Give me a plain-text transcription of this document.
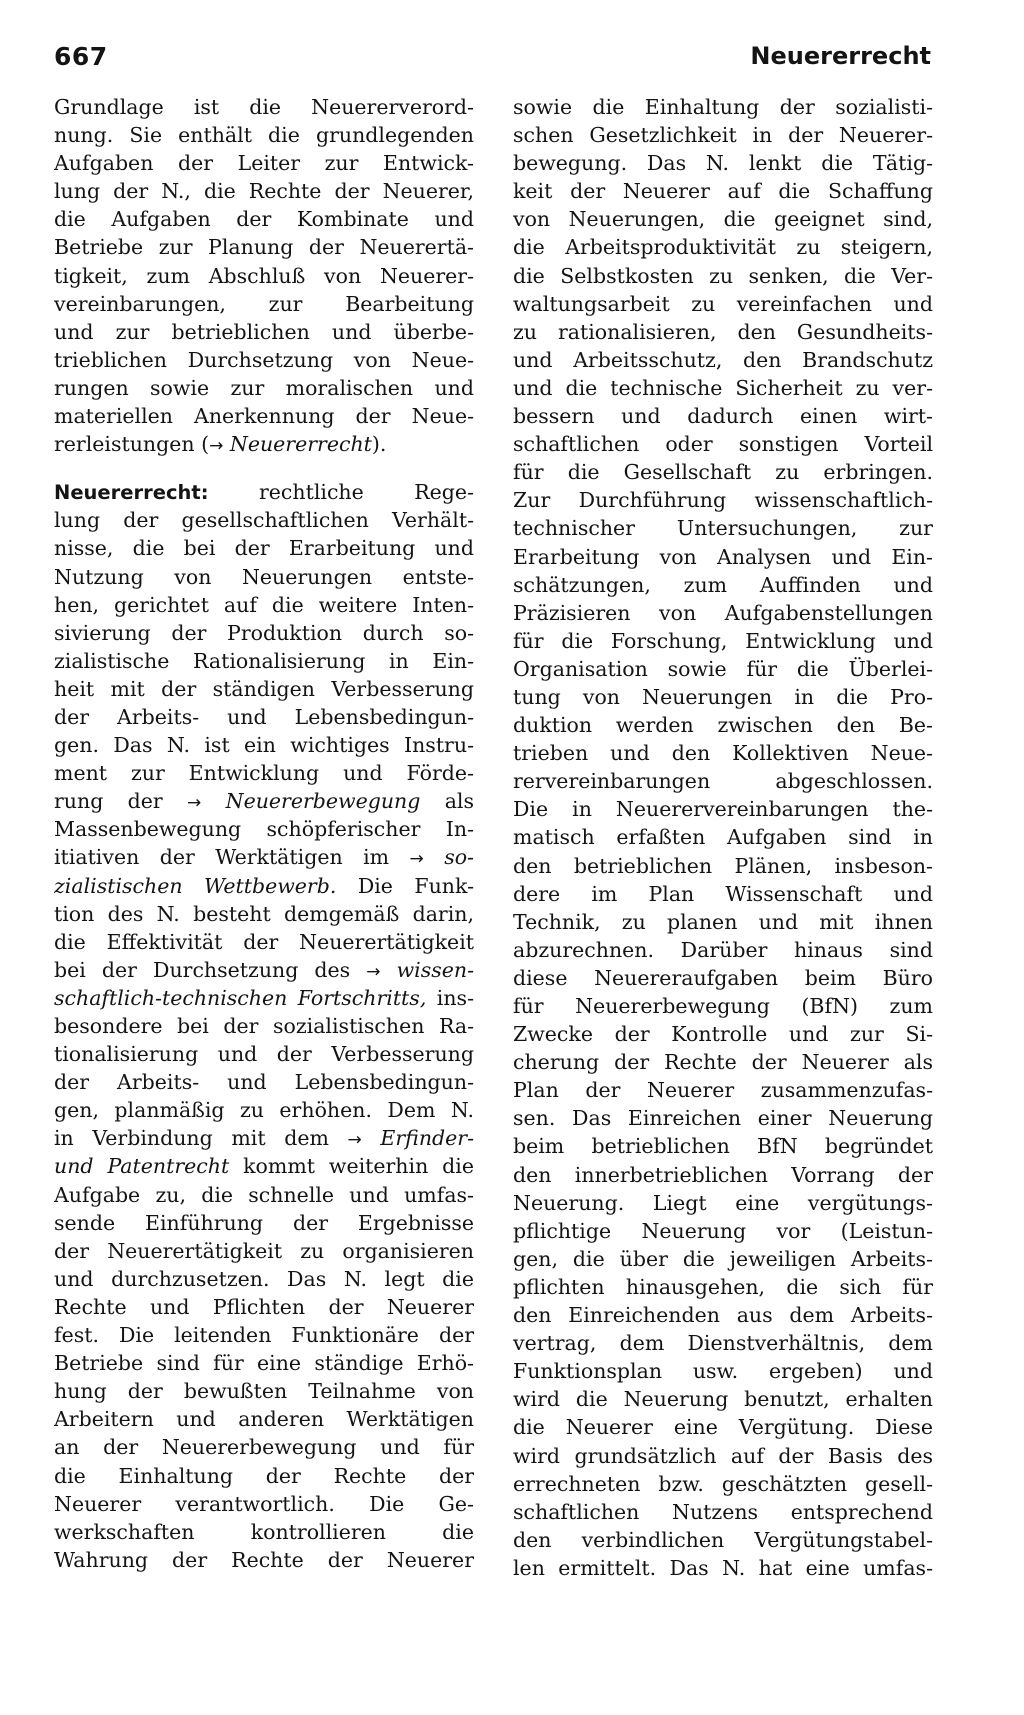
667	Neuererrecht
Grundlage ist die Neuererverord-
nung. Sie enthält die grundlegenden
Aufgaben der Leiter zur Entwick-
lung der N., die Rechte der Neuerer,
die Aufgaben der Kombinate und
Betriebe zur Planung der Neuerertä-
tigkeit, zum Abschluß von Neuerer-
vereinbarungen, zur Bearbeitung
und zur betrieblichen und überbe-
trieblichen Durchsetzung von Neue-
rungen sowie zur moralischen und
materiellen Anerkennung der Neue-
rerleistungen (→ Neuererrecht).
Neuererrecht: rechtliche Rege-
lung der gesellschaftlichen Verhält-
nisse, die bei der Erarbeitung und
Nutzung von Neuerungen entste-
hen, gerichtet auf die weitere Inten-
sivierung der Produktion durch so-
zialistische Rationalisierung in Ein-
heit mit der ständigen Verbesserung
der Arbeits- und Lebensbedingun-
gen. Das N. ist ein wichtiges Instru-
ment zur Entwicklung und Förde-
rung der → Neuererbewegung als
Massenbewegung schöpferischer In-
itiativen der Werktätigen im → so-
zialistischen Wettbewerb. Die Funk-
tion des N. besteht demgemäß darin,
die Effektivität der Neuerertätigkeit
bei der Durchsetzung des → wissen-
schaftlich-technischen Fortschritts, ins-
besondere bei der sozialistischen Ra-
tionalisierung und der Verbesserung
der Arbeits- und Lebensbedingun-
gen, planmäßig zu erhöhen. Dem N.
in Verbindung mit dem → Erfinder-
und Patentrecht kommt weiterhin die
Aufgabe zu, die schnelle und umfas-
sende Einführung der Ergebnisse
der Neuerertätigkeit zu organisieren
und durchzusetzen. Das N. legt die
Rechte und Pflichten der Neuerer
fest. Die leitenden Funktionäre der
Betriebe sind für eine ständige Erhö-
hung der bewußten Teilnahme von
Arbeitern und anderen Werktätigen
an der Neuererbewegung und für
die Einhaltung der Rechte der
Neuerer verantwortlich. Die Ge-
werkschaften kontrollieren die
Wahrung der Rechte der Neuerer
sowie die Einhaltung der sozialisti-
schen Gesetzlichkeit in der Neuerer-
bewegung. Das N. lenkt die Tätig-
keit der Neuerer auf die Schaffung
von Neuerungen, die geeignet sind,
die Arbeitsproduktivität zu steigern,
die Selbstkosten zu senken, die Ver-
waltungsarbeit zu vereinfachen und
zu rationalisieren, den Gesundheits-
und Arbeitsschutz, den Brandschutz
und die technische Sicherheit zu ver-
bessern und dadurch einen wirt-
schaftlichen oder sonstigen Vorteil
für die Gesellschaft zu erbringen.
Zur Durchführung wissenschaftlich-
technischer Untersuchungen, zur
Erarbeitung von Analysen und Ein-
schätzungen, zum Auffinden und
Präzisieren von Aufgabenstellungen
für die Forschung, Entwicklung und
Organisation sowie für die Überlei-
tung von Neuerungen in die Pro-
duktion werden zwischen den Be-
trieben und den Kollektiven Neue-
rervereinbarungen abgeschlossen.
Die in Neuerervereinbarungen the-
matisch erfaßten Aufgaben sind in
den betrieblichen Plänen, insbeson-
dere im Plan Wissenschaft und
Technik, zu planen und mit ihnen
abzurechnen. Darüber hinaus sind
diese Neuereraufgaben beim Büro
für Neuererbewegung (BfN) zum
Zwecke der Kontrolle und zur Si-
cherung der Rechte der Neuerer als
Plan der Neuerer zusammenzufas-
sen. Das Einreichen einer Neuerung
beim betrieblichen BfN begründet
den innerbetrieblichen Vorrang der
Neuerung. Liegt eine vergütungs-
pflichtige Neuerung vor (Leistun-
gen, die über die jeweiligen Arbeits-
pflichten hinausgehen, die sich für
den Einreichenden aus dem Arbeits-
vertrag, dem Dienstverhältnis, dem
Funktionsplan usw. ergeben) und
wird die Neuerung benutzt, erhalten
die Neuerer eine Vergütung. Diese
wird grundsätzlich auf der Basis des
errechneten bzw. geschätzten gesell-
schaftlichen Nutzens entsprechend
den verbindlichen Vergütungstabel-
len ermittelt. Das N. hat eine umfas-
